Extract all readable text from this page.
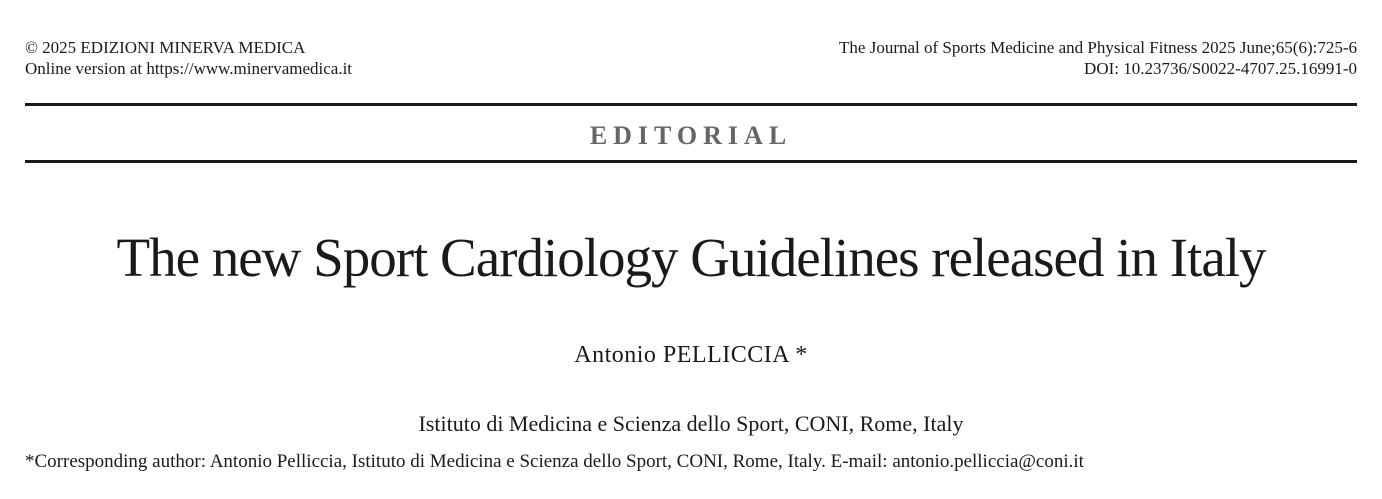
© 2025 EDIZIONI MINERVA MEDICA
Online version at https://www.minervamedica.it
The Journal of Sports Medicine and Physical Fitness 2025 June;65(6):725-6
DOI: 10.23736/S0022-4707.25.16991-0
EDITORIAL
The new Sport Cardiology Guidelines released in Italy
Antonio PELLICCIA *
Istituto di Medicina e Scienza dello Sport, CONI, Rome, Italy
*Corresponding author: Antonio Pelliccia, Istituto di Medicina e Scienza dello Sport, CONI, Rome, Italy. E-mail: antonio.pelliccia@coni.it
